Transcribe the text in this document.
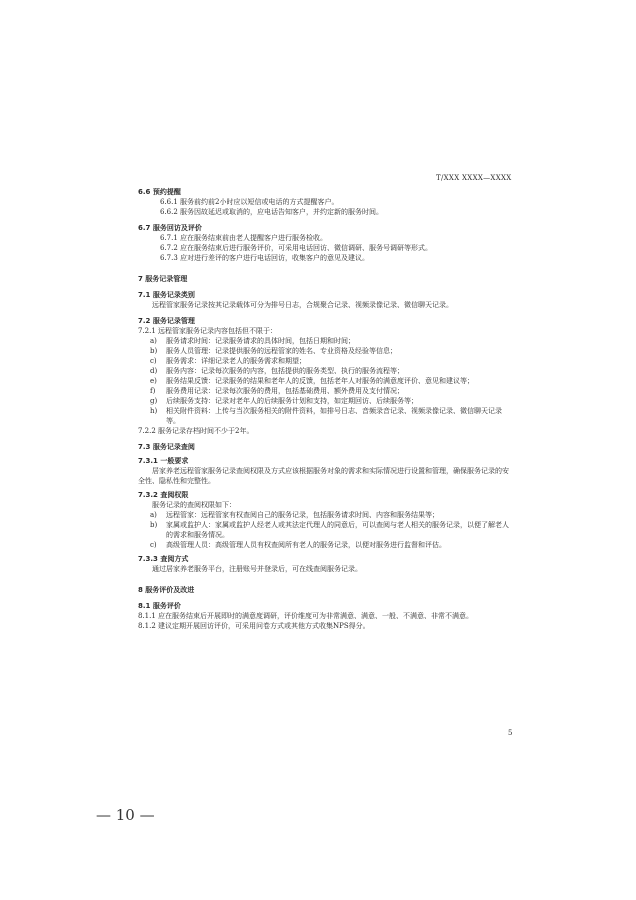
T/XXX XXXX—XXXX
6.6 预约提醒
6.6.1 服务前约前2小时应以短信或电话的方式提醒客户。
6.6.2 服务因故延迟或取消的，应电话告知客户，并约定新的服务时间。
6.7 服务回访及评价
6.7.1 应在服务结束前由老人提醒客户进行服务检收。
6.7.2 应在服务结束后进行服务评价，可采用电话回访、微信调研、服务号调研等形式。
6.7.3 应对进行差评的客户进行电话回访，收集客户的意见及建议。
7 服务记录管理
7.1 服务记录类别
远程管家服务记录按其记录载体可分为排号日志，合规聚合记录、视频录像记录、微信聊天记录。
7.2 服务记录管理
7.2.1 远程管家服务记录内容包括但不限于：
a) 服务请求时间：记录服务请求的具体时间，包括日期和时间；
b) 服务人员管理：记录提供服务的远程管家的姓名、专业资格及经验等信息；
c) 服务需求：详细记录老人的服务需求和期望；
d) 服务内容：记录每次服务的内容，包括提供的服务类型、执行的服务流程等；
e) 服务结果反馈：记录服务的结果和老年人的反馈，包括老年人对服务的满意度评价、意见和建议等；
f) 服务费用记录：记录每次服务的费用，包括基础费用、额外费用及支付情况；
g) 后续服务支持：记录对老年人的后续服务计划和支持，如定期回访、后续服务等；
h) 相关附件资料：上传与当次服务相关的附件资料，如排号日志、音频录音记录、视频录像记录、微信聊天记录等。
7.2.2 服务记录存档时间不少于2年。
7.3 服务记录查阅
7.3.1 一般要求
居家养老远程管家服务记录查阅权限及方式应该根据服务对象的需求和实际情况进行设置和管理，确保服务记录的安全性、隐私性和完整性。
7.3.2 查阅权限
服务记录的查阅权限如下：
a) 远程管家：远程管家有权查阅自己的服务记录，包括服务请求时间、内容和服务结果等；
b) 家属或监护人：家属或监护人经老人或其法定代理人的同意后，可以查阅与老人相关的服务记录，以便了解老人的需求和服务情况。
c) 高级管理人员：高级管理人员有权查阅所有老人的服务记录，以便对服务进行监督和评估。
7.3.3 查阅方式
通过居家养老服务平台，注册账号并登录后，可在线查阅服务记录。
8 服务评价及改进
8.1 服务评价
8.1.1 应在服务结束后开展即时的满意度调研，评价维度可为非常满意、满意、一般、不满意、非常不满意。
8.1.2 建议定期开展回访评价，可采用问卷方式或其他方式收集NPS得分。
5
— 10 —
